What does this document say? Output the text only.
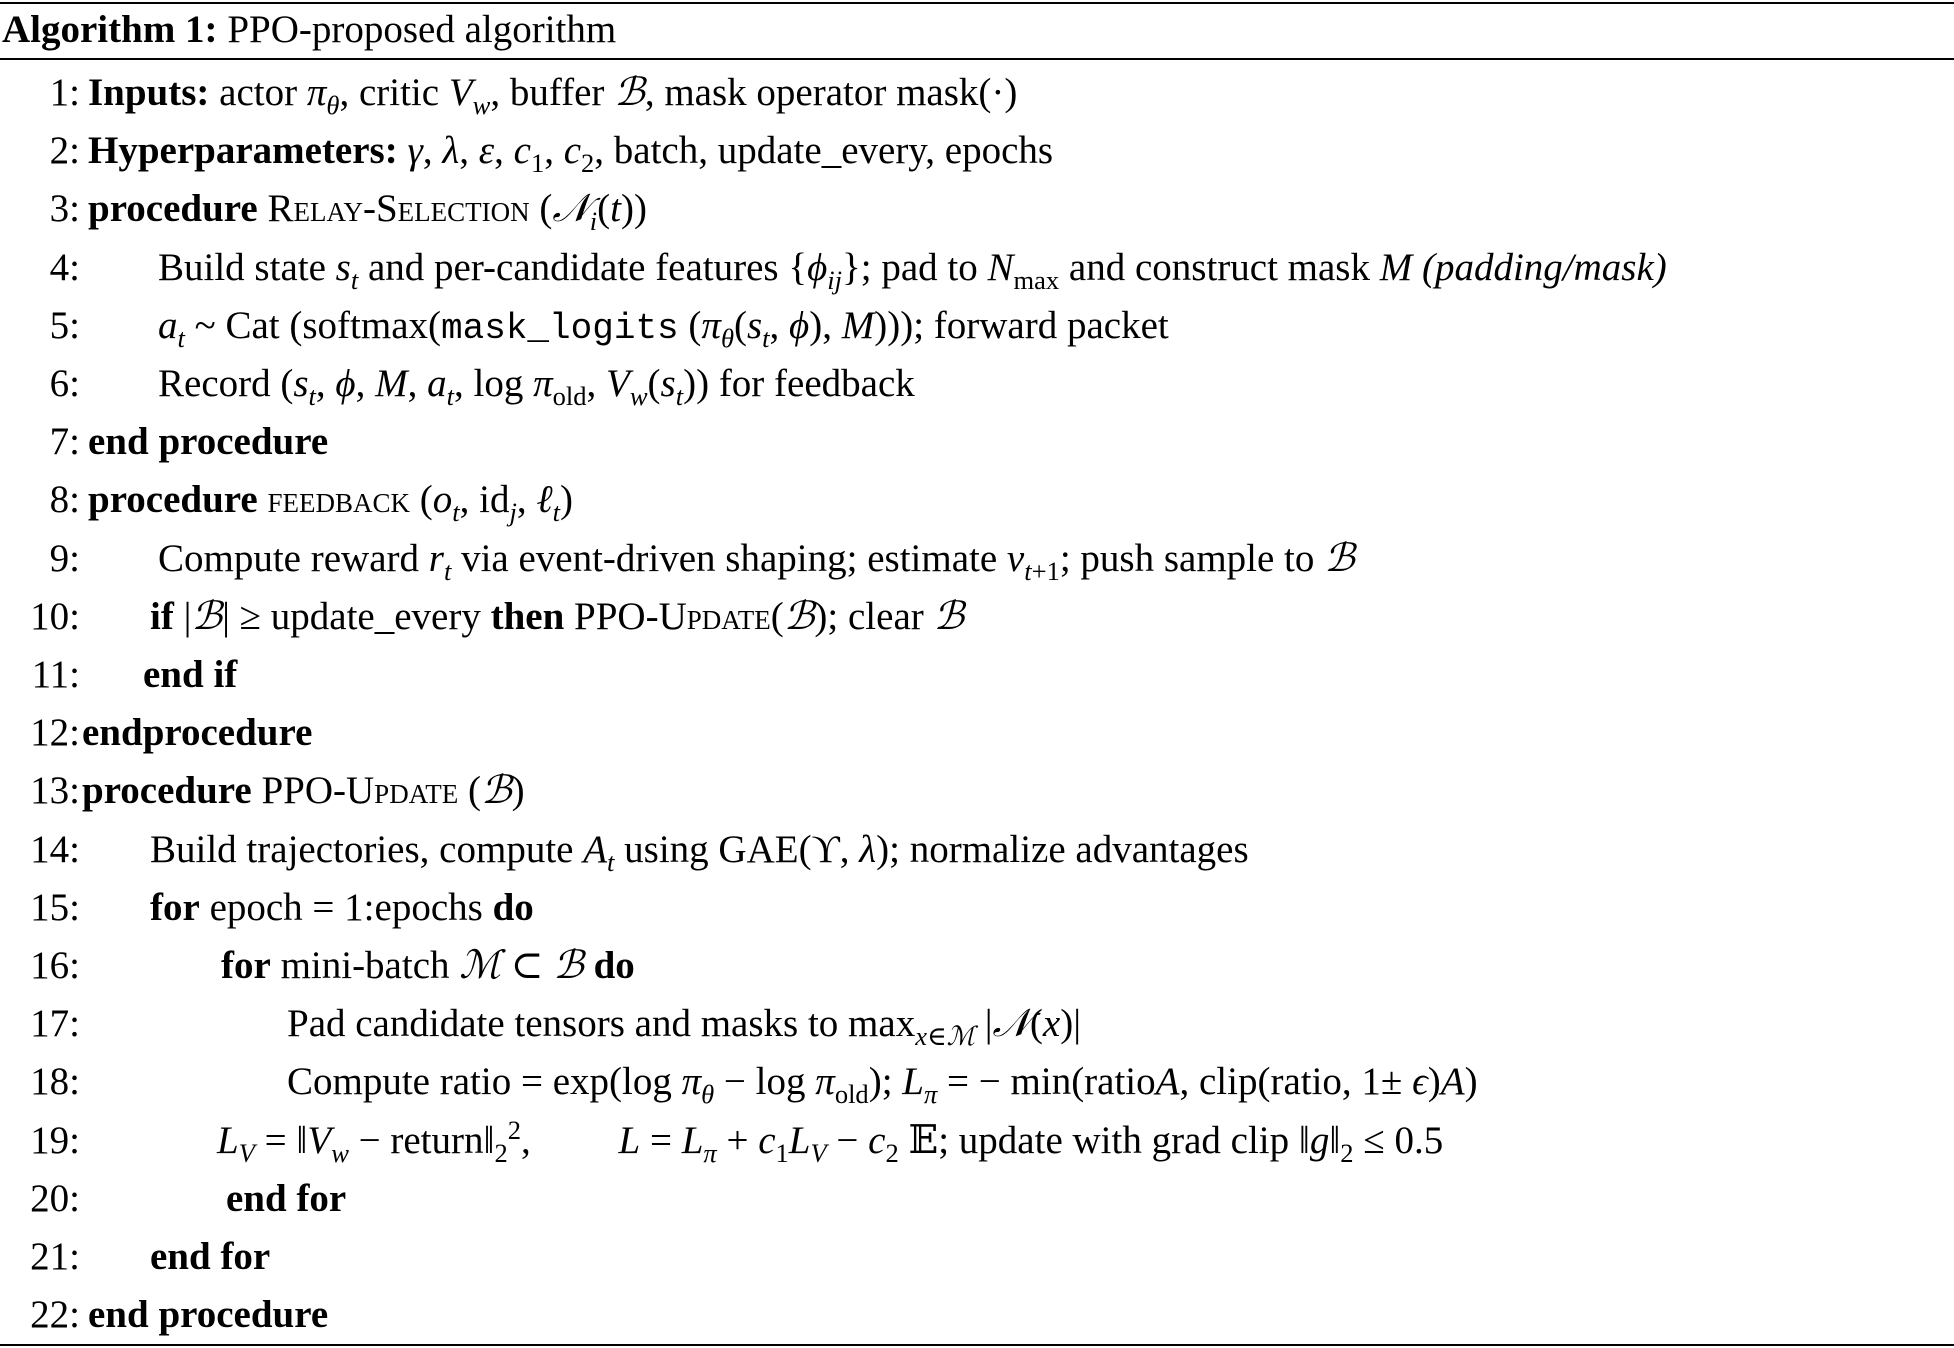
Algorithm 1: PPO-proposed algorithm
1: Inputs: actor $\pi_\theta$, critic $V_w$, buffer ℬ, mask operator mask(·)
2: Hyperparameters: γ, λ, ε, $c_1$, $c_2$, batch, update_every, epochs
3: procedure Relay-Selection (𝒩$_i$(t))
4: Build state $s_t$ and per-candidate features $\{\phi_{ij}\}$; pad to $N_{max}$ and construct mask M (padding/mask)
5: $a_t$ ~ Cat (softmax(mask_logits ($\pi_\theta(s_t$, ϕ), M))); forward packet
6: Record ($s_t$, ϕ, M, $a_t$, $\log \pi_{old}$, $V_w(s_t)$) for feedback
7: end procedure
8: procedure feedback ($o_t$, $id_j$, ℓ$_t$)
9: Compute reward $r_t$ via event-driven shaping; estimate $v_{t+1}$; push sample to ℬ
10: if |ℬ| ≥ update_every then PPO-Update(ℬ); clear ℬ
11: end if
12: endprocedure
13: procedure PPO-Update (ℬ)
14: Build trajectories, compute $A_t$ using GAE(ϒ, λ); normalize advantages
15: for epoch = 1:epochs do
16:	for mini-batch ℳ ⊂ ℬ do
17:	Pad candidate tensors and masks to $\max_{x\in ℳ}$ |𝒩(x)|
18:	Compute ratio = exp(log $\pi_\theta - \log \pi_{old}$); $L_\pi$ = − min(ratioA, clip(ratio, 1± ϵ)A)
19:	$L_V$ = $‖V_w$ − $return‖_2^2$,         $L = L_\pi + c_1L_V - c_2$ 𝔼; update with grad clip $‖g‖_2 \le 0.5$
20:	end for
21: end for
22: end procedure
